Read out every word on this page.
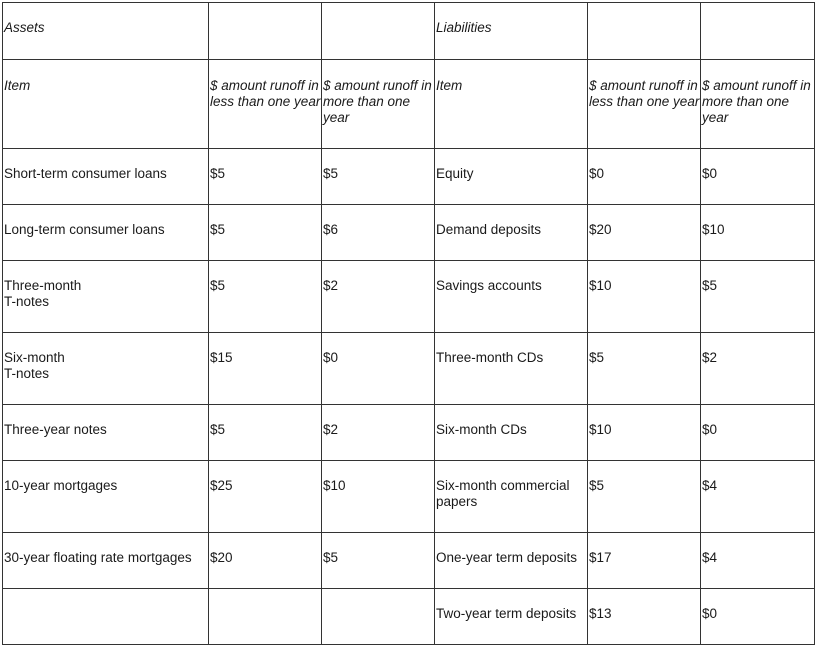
Assets			Liabilities		

Item	$ amount runoff in less than one year	$ amount runoff in more than one year	Item	$ amount runoff in less than one year	$ amount runoff in more than one year

Short-term consumer loans	$5	$5	Equity	$0	$0

Long-term consumer loans	$5	$6	Demand deposits	$20	$10

Three-month
T-notes	$5	$2	Savings accounts	$10	$5

Six-month
T-notes	$15	$0	Three-month CDs	$5	$2

Three-year notes	$5	$2	Six-month CDs	$10	$0

10-year mortgages	$25	$10	Six-month commercial papers	$5	$4

30-year floating rate mortgages	$20	$5	One-year term deposits	$17	$4

			Two-year term deposits	$13	$0
